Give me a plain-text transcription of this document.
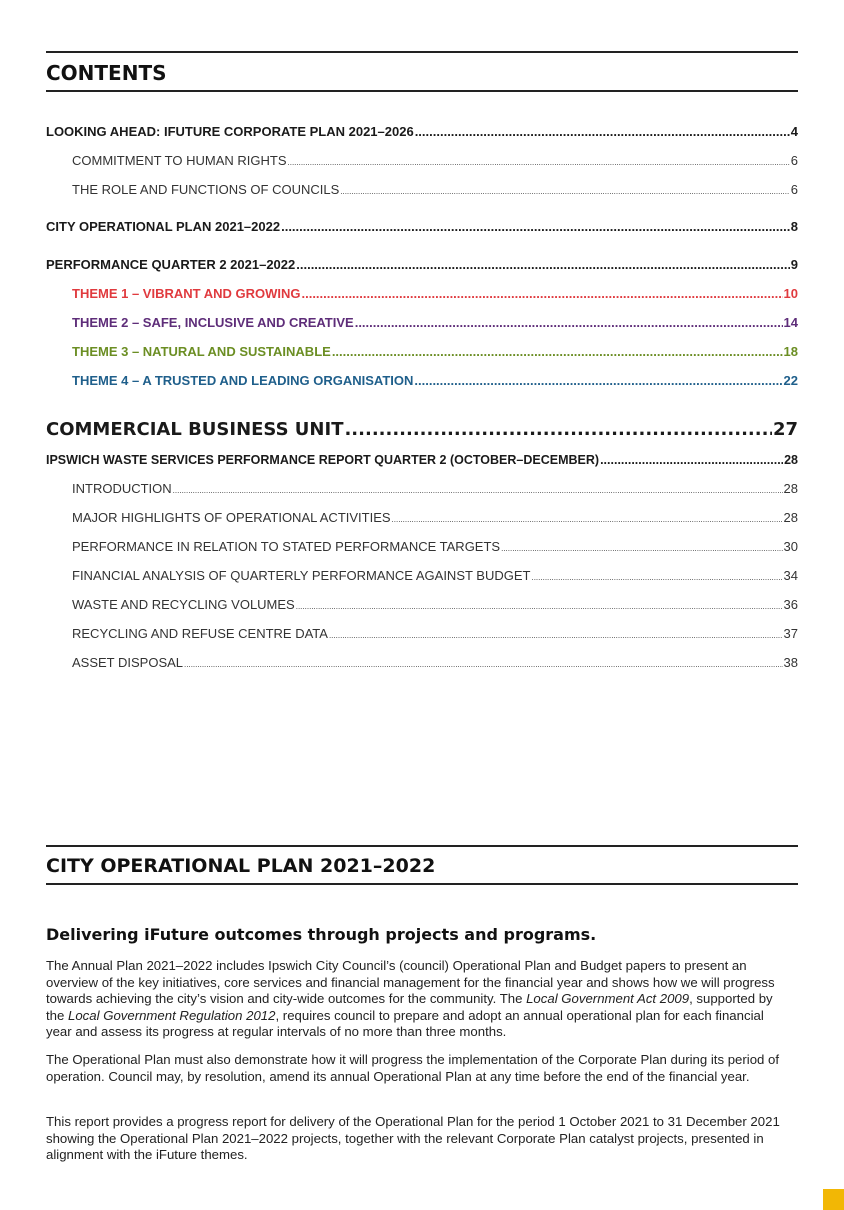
CONTENTS
LOOKING AHEAD: IFUTURE CORPORATE PLAN 2021–2026 .....	4
COMMITMENT TO HUMAN RIGHTS .....	6
THE ROLE AND FUNCTIONS OF COUNCILS .....	6
CITY OPERATIONAL PLAN 2021–2022 .....	8
PERFORMANCE QUARTER 2 2021–2022 .....	9
THEME 1 – VIBRANT AND GROWING .....	10
THEME 2 – SAFE, INCLUSIVE AND CREATIVE .....	14
THEME 3 – NATURAL AND SUSTAINABLE .....	18
THEME 4 – A TRUSTED AND LEADING ORGANISATION .....	22
COMMERCIAL BUSINESS UNIT .....	27
IPSWICH WASTE SERVICES PERFORMANCE REPORT QUARTER 2 (OCTOBER–DECEMBER) .....	28
INTRODUCTION .....	28
MAJOR HIGHLIGHTS OF OPERATIONAL ACTIVITIES .....	28
PERFORMANCE IN RELATION TO STATED PERFORMANCE TARGETS .....	30
FINANCIAL ANALYSIS OF QUARTERLY PERFORMANCE AGAINST BUDGET .....	34
WASTE AND RECYCLING VOLUMES .....	36
RECYCLING AND REFUSE CENTRE DATA .....	37
ASSET DISPOSAL .....	38
CITY OPERATIONAL PLAN 2021–2022
Delivering iFuture outcomes through projects and programs.

The Annual Plan 2021–2022 includes Ipswich City Council’s (council) Operational Plan and Budget papers to present an overview of the key initiatives, core services and financial management for the financial year and shows how we will progress towards achieving the city’s vision and city-wide outcomes for the community. The Local Government Act 2009, supported by the Local Government Regulation 2012, requires council to prepare and adopt an annual operational plan for each financial year and assess its progress at regular intervals of no more than three months.

The Operational Plan must also demonstrate how it will progress the implementation of the Corporate Plan during its period of operation. Council may, by resolution, amend its annual Operational Plan at any time before the end of the financial year.

This report provides a progress report for delivery of the Operational Plan for the period 1 October 2021 to 31 December 2021 showing the Operational Plan 2021–2022 projects, together with the relevant Corporate Plan catalyst projects, presented in alignment with the iFuture themes.
